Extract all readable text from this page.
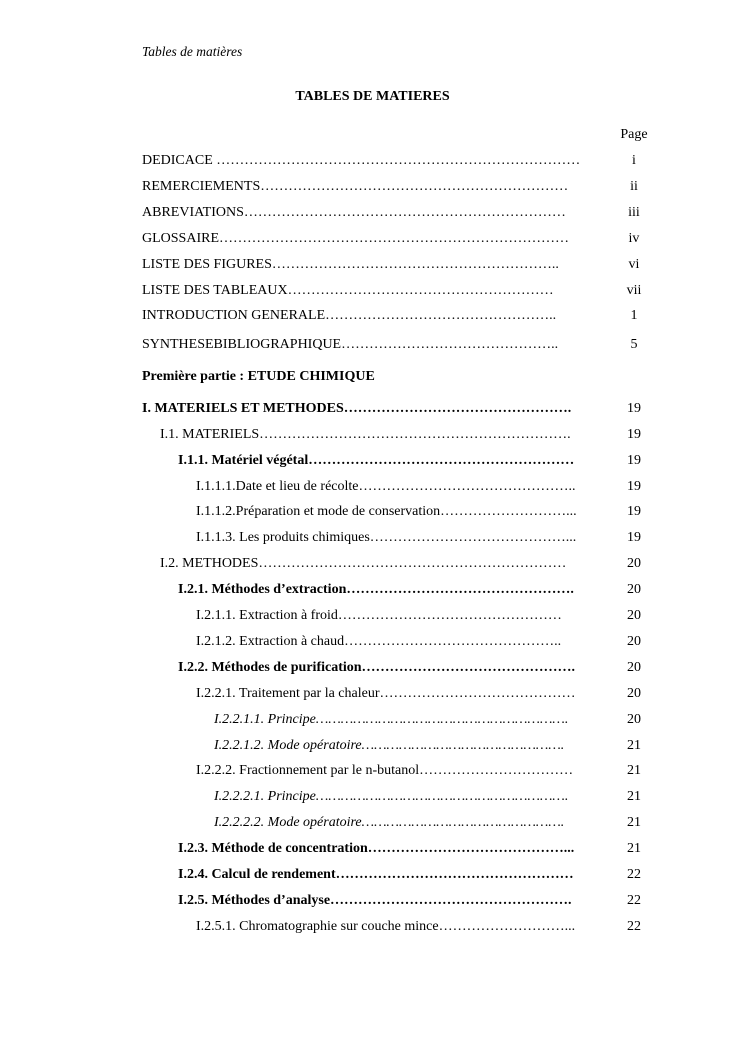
Tables de matières
TABLES DE MATIERES
Page
Première partie : ETUDE CHIMIQUE
DEDICACE ……………………………………………………………………	i
REMERCIEMENTS…………………………………………………………	ii
ABREVIATIONS……………………………………………………………	iii
GLOSSAIRE…………………………………………………………………	iv
LISTE DES FIGURES……………………………………………………..	vi
LISTE DES TABLEAUX…………………………………………………	vii
INTRODUCTION GENERALE…………………………………………..	1
SYNTHESEBIBLIOGRAPHIQUE………………………………………..	5
I. MATERIELS ET METHODES………………………………………….	19
I.1. MATERIELS………………………………………………………….	19
I.1.1. Matériel végétal…………………………………………………	19
I.1.1.1.Date et lieu de récolte………………………………………..	19
I.1.1.2.Préparation et mode de conservation………………………...	19
I.1.1.3. Les produits chimiques……………………………………...	19
I.2. METHODES…………………………………………………………	20
I.2.1. Méthodes d’extraction………………………………………….	20
I.2.1.1. Extraction à froid…………………………………………	20
I.2.1.2. Extraction à chaud………………………………………..	20
I.2.2. Méthodes de purification……………………………………….	20
I.2.2.1. Traitement par la chaleur……………………………………	20
I.2.2.1.1. Principe…………………………………………………….	20
I.2.2.1.2. Mode opératoire………………………………………….	21
I.2.2.2. Fractionnement par le n-butanol……………………………	21
I.2.2.2.1. Principe…………………………………………………….	21
I.2.2.2.2. Mode opératoire………………………………………….	21
I.2.3. Méthode de concentration……………………………………...	21
I.2.4. Calcul de rendement……………………………………………	22
I.2.5. Méthodes d’analyse…………………………………………….	22
I.2.5.1. Chromatographie sur couche mince………………………...	22
